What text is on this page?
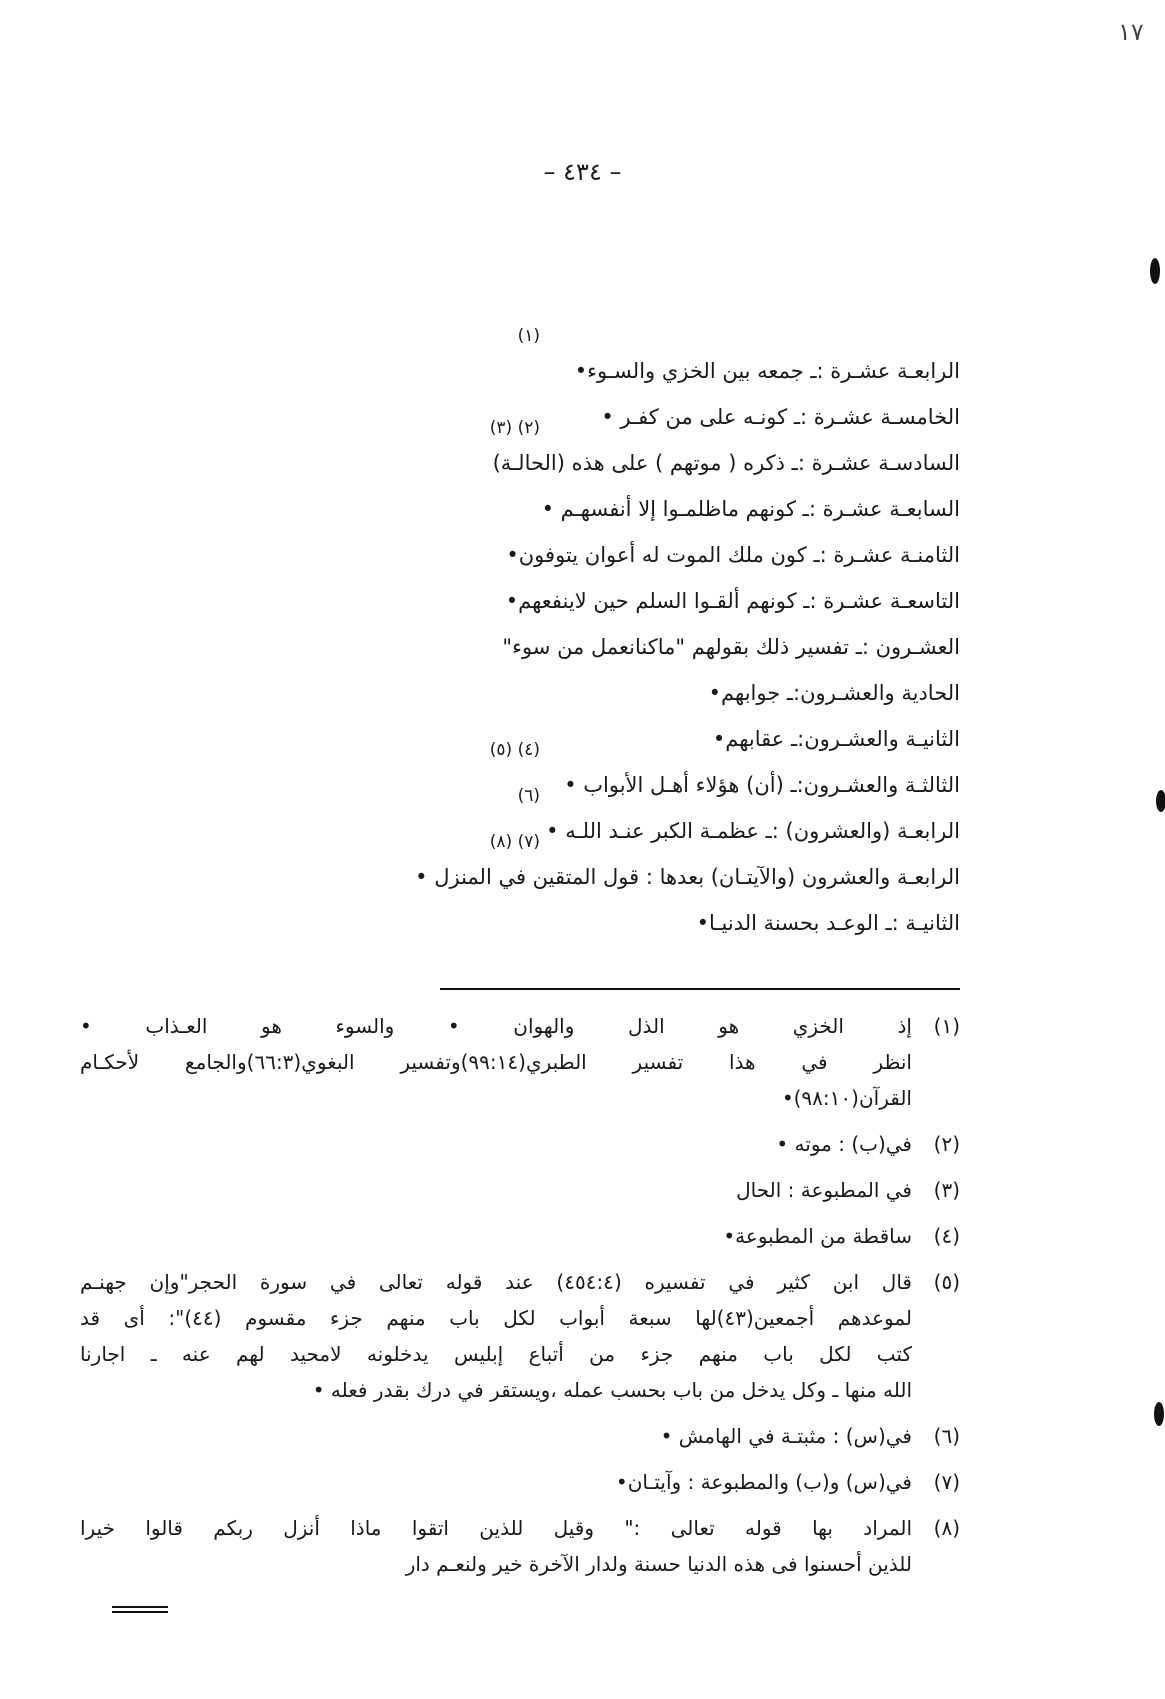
١٧
– ٤٣٤ –
الرابعـة عشـرة :ـ جمعه بين الخزي والسـوء•
(١)
الخامسـة عشـرة :ـ كونـه على من كفـر •
السادسـة عشـرة :ـ ذكره ( موتهم ) على هذه (الحالـة)
(٢) (٣)
السابعـة عشـرة :ـ كونهم ماظلمـوا إلا أنفسهـم •
الثامنـة عشـرة :ـ كون ملك الموت له أعوان يتوفون•
التاسعـة عشـرة :ـ كونهم ألقـوا السلم حين لاينفعهم•
العشـرون :ـ تفسير ذلك بقولهم "ماكنانعمل من سوء"
الحادية والعشـرون:ـ جوابهم•
الثانيـة والعشـرون:ـ عقابهم•
الثالثـة والعشـرون:ـ (أن) هؤلاء أهـل الأبواب •
(٤) (٥)
الرابعـة (والعشرون) :ـ عظمـة الكبر عنـد اللـه •
(٦)
الرابعـة والعشرون (والآيتـان) بعدها : قول المتقين في المنزل •
(٧) (٨)
الثانيـة :ـ الوعـد بحسنة الدنيـا•
(١)
إذ الخزي هو الذل والهوان • والسوء هو العـذاب •
انظر في هذا تفسير الطبري(٩٩:١٤)وتفسير البغوي(٦٦:٣)والجامع لأحكـام
القرآن(٩٨:١٠)•
(٢)
في(ب) : موته •
(٣)
في المطبوعة : الحال
(٤)
ساقطة من المطبوعة•
(٥)
قال ابن كثير في تفسيره (٤٥٤:٤) عند قوله تعالى في سورة الحجر"وإن جهنـم
لموعدهم أجمعين(٤٣)لها سبعة أبواب لكل باب منهم جزء مقسوم (٤٤)": أى قد
كتب لكل باب منهم جزء من أتباع إبليس يدخلونه لامحيد لهم عنه ـ اجارنا
الله منها ـ وكل يدخل من باب بحسب عمله ،ويستقر في درك بقدر فعله •
(٦)
في(س) : مثبتـة في الهامش •
(٧)
في(س) و(ب) والمطبوعة : وآيتـان•
(٨)
المراد بها قوله تعالى :" وقيل للذين اتقوا ماذا أنزل ربكم قالوا خيرا
للذين أحسنوا فى هذه الدنيا حسنة ولدار الآخرة خير ولنعـم دار
